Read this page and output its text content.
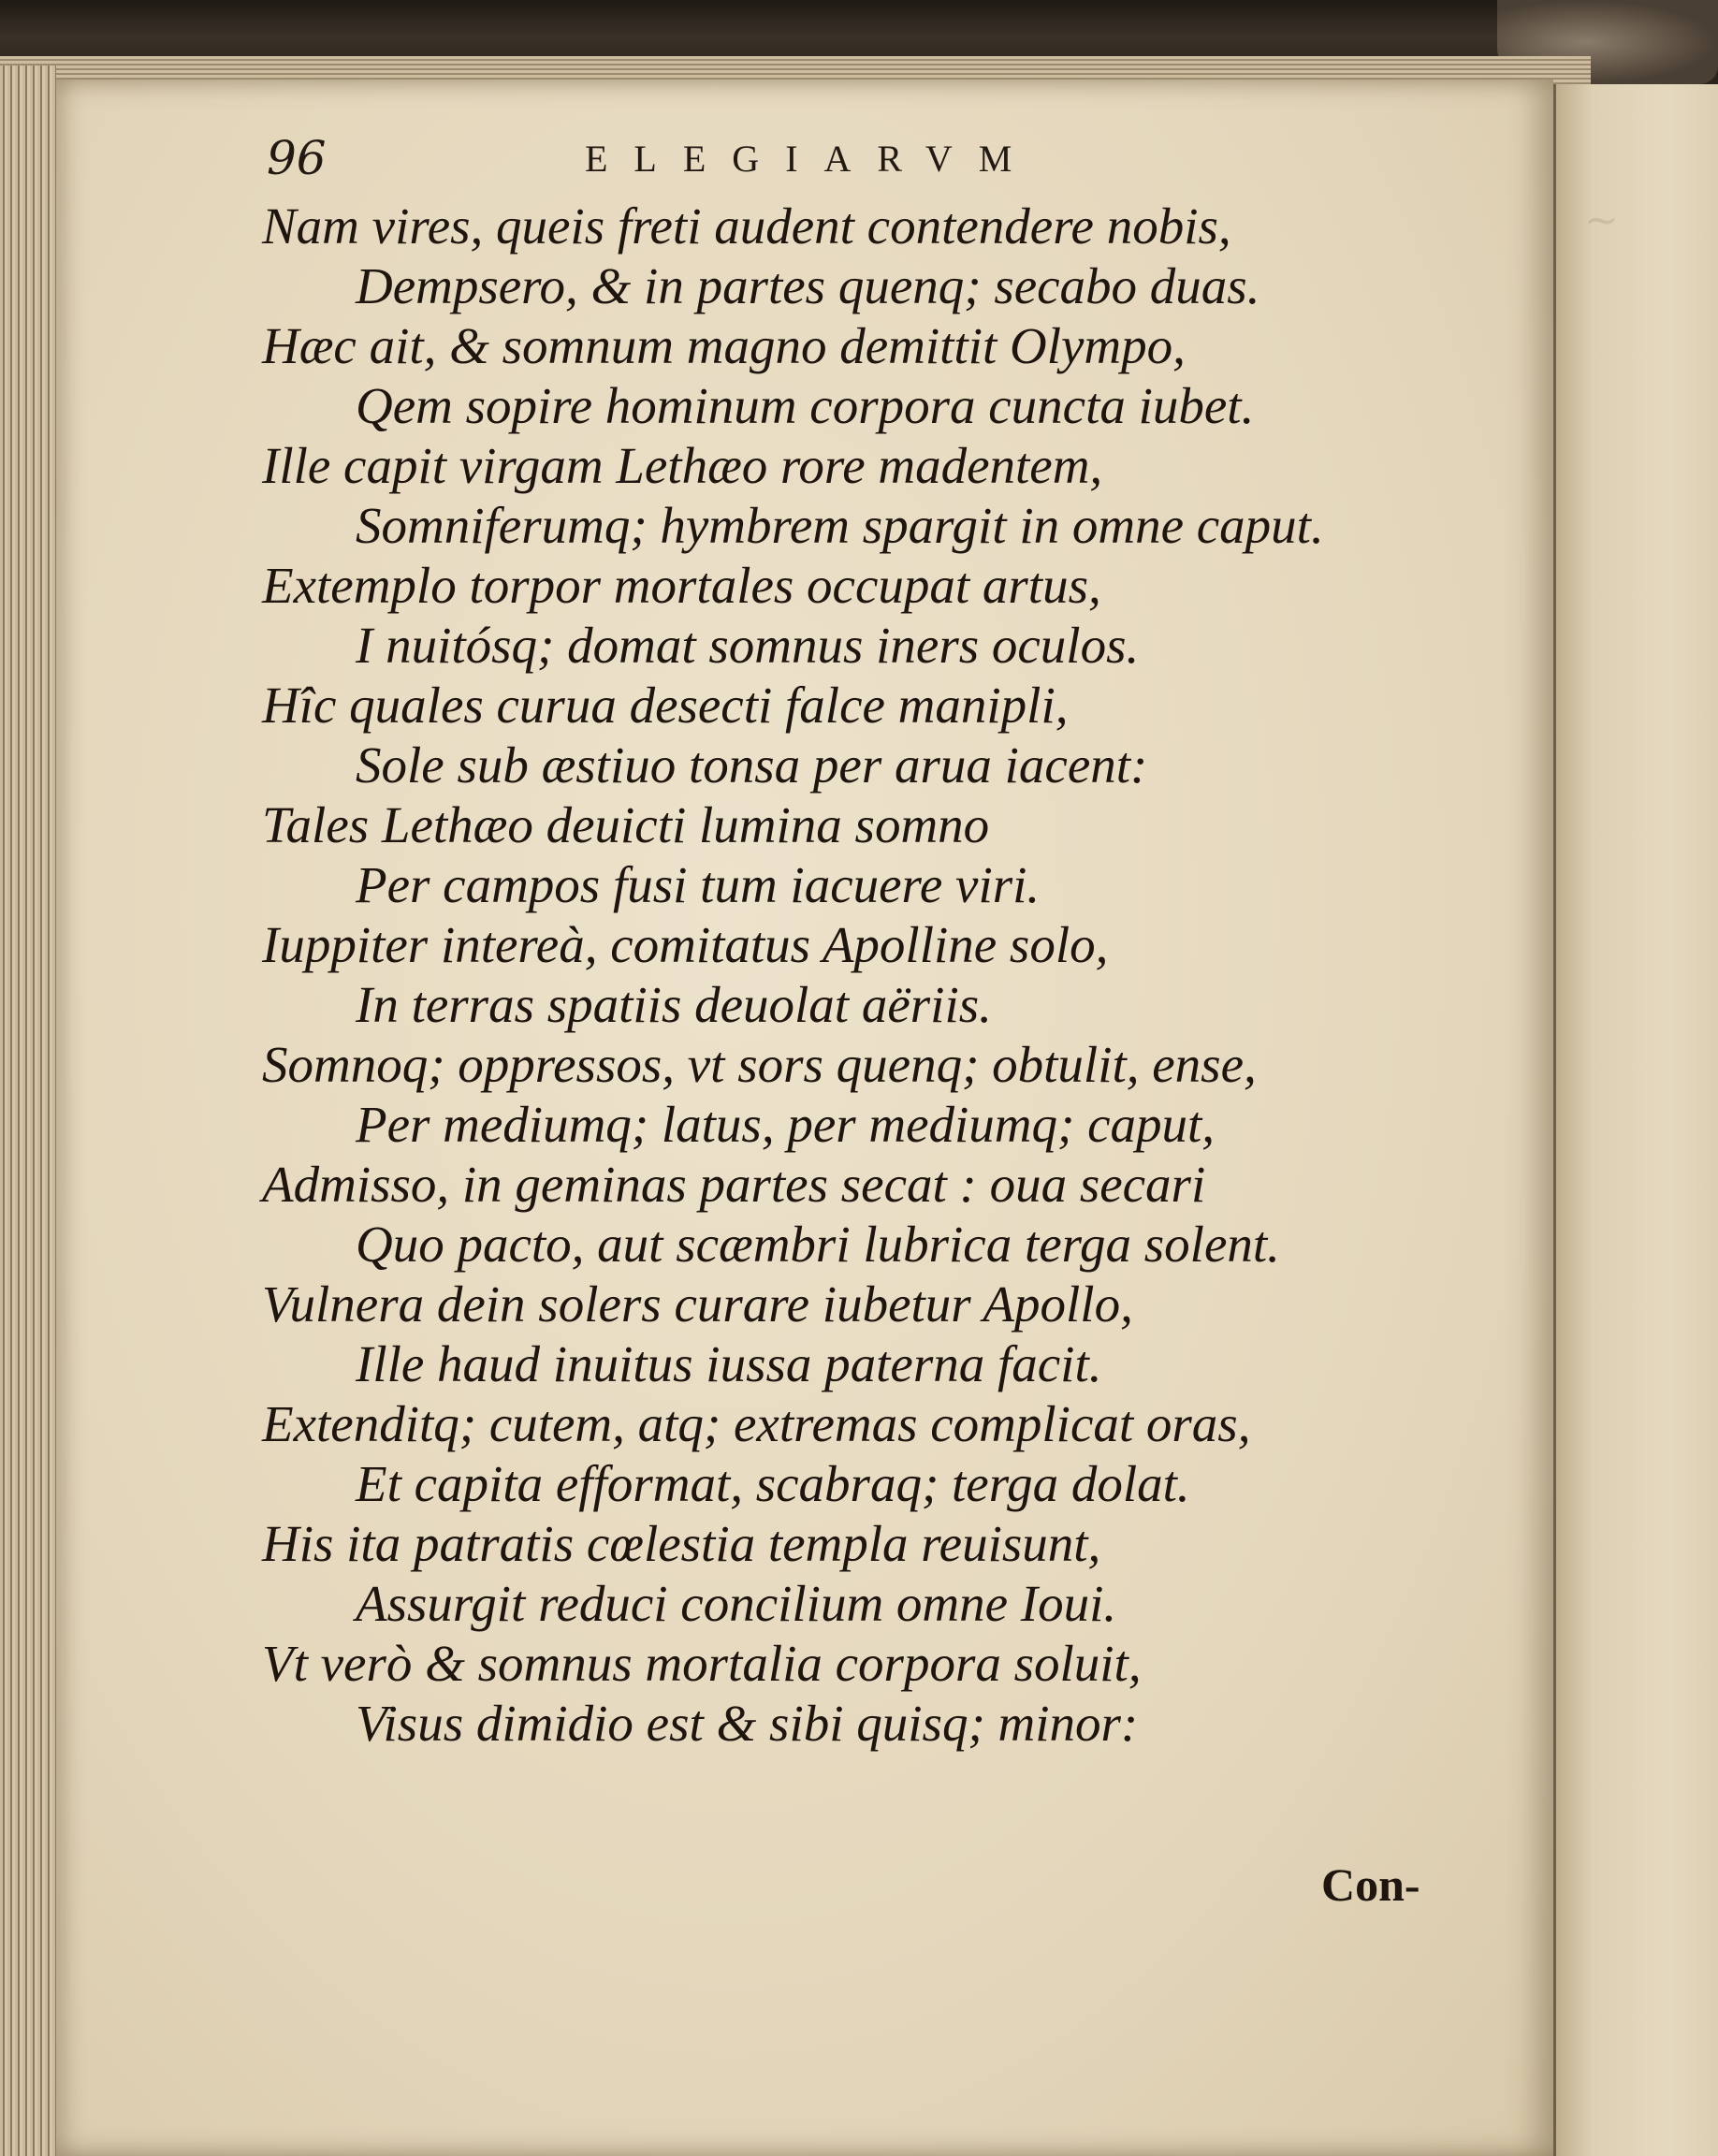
~
96	ELEGIARVM
Nam vires, queis freti audent contendere nobis,
Dempsero, & in partes quenq; secabo duas.
Hæc ait, & somnum magno demittit Olympo,
Qem sopire hominum corpora cuncta iubet.
Ille capit virgam Lethæo rore madentem,
Somniferumq; hymbrem spargit in omne caput.
Extemplo torpor mortales occupat artus,
I nuitósq; domat somnus iners oculos.
Hîc quales curua desecti falce manipli,
Sole sub æstiuo tonsa per arua iacent:
Tales Lethæo deuicti lumina somno
Per campos fusi tum iacuere viri.
Iuppiter intereà, comitatus Apolline solo,
In terras spatiis deuolat aëriis.
Somnoq; oppressos, vt sors quenq; obtulit, ense,
Per mediumq; latus, per mediumq; caput,
Admisso, in geminas partes secat : oua secari
Quo pacto, aut scæmbri lubrica terga solent.
Vulnera dein solers curare iubetur Apollo,
Ille haud inuitus iussa paterna facit.
Extenditq; cutem, atq; extremas complicat oras,
Et capita efformat, scabraq; terga dolat.
His ita patratis cœlestia templa reuisunt,
Assurgit reduci concilium omne Ioui.
Vt verò & somnus mortalia corpora soluit,
Visus dimidio est & sibi quisq; minor:
Con-
